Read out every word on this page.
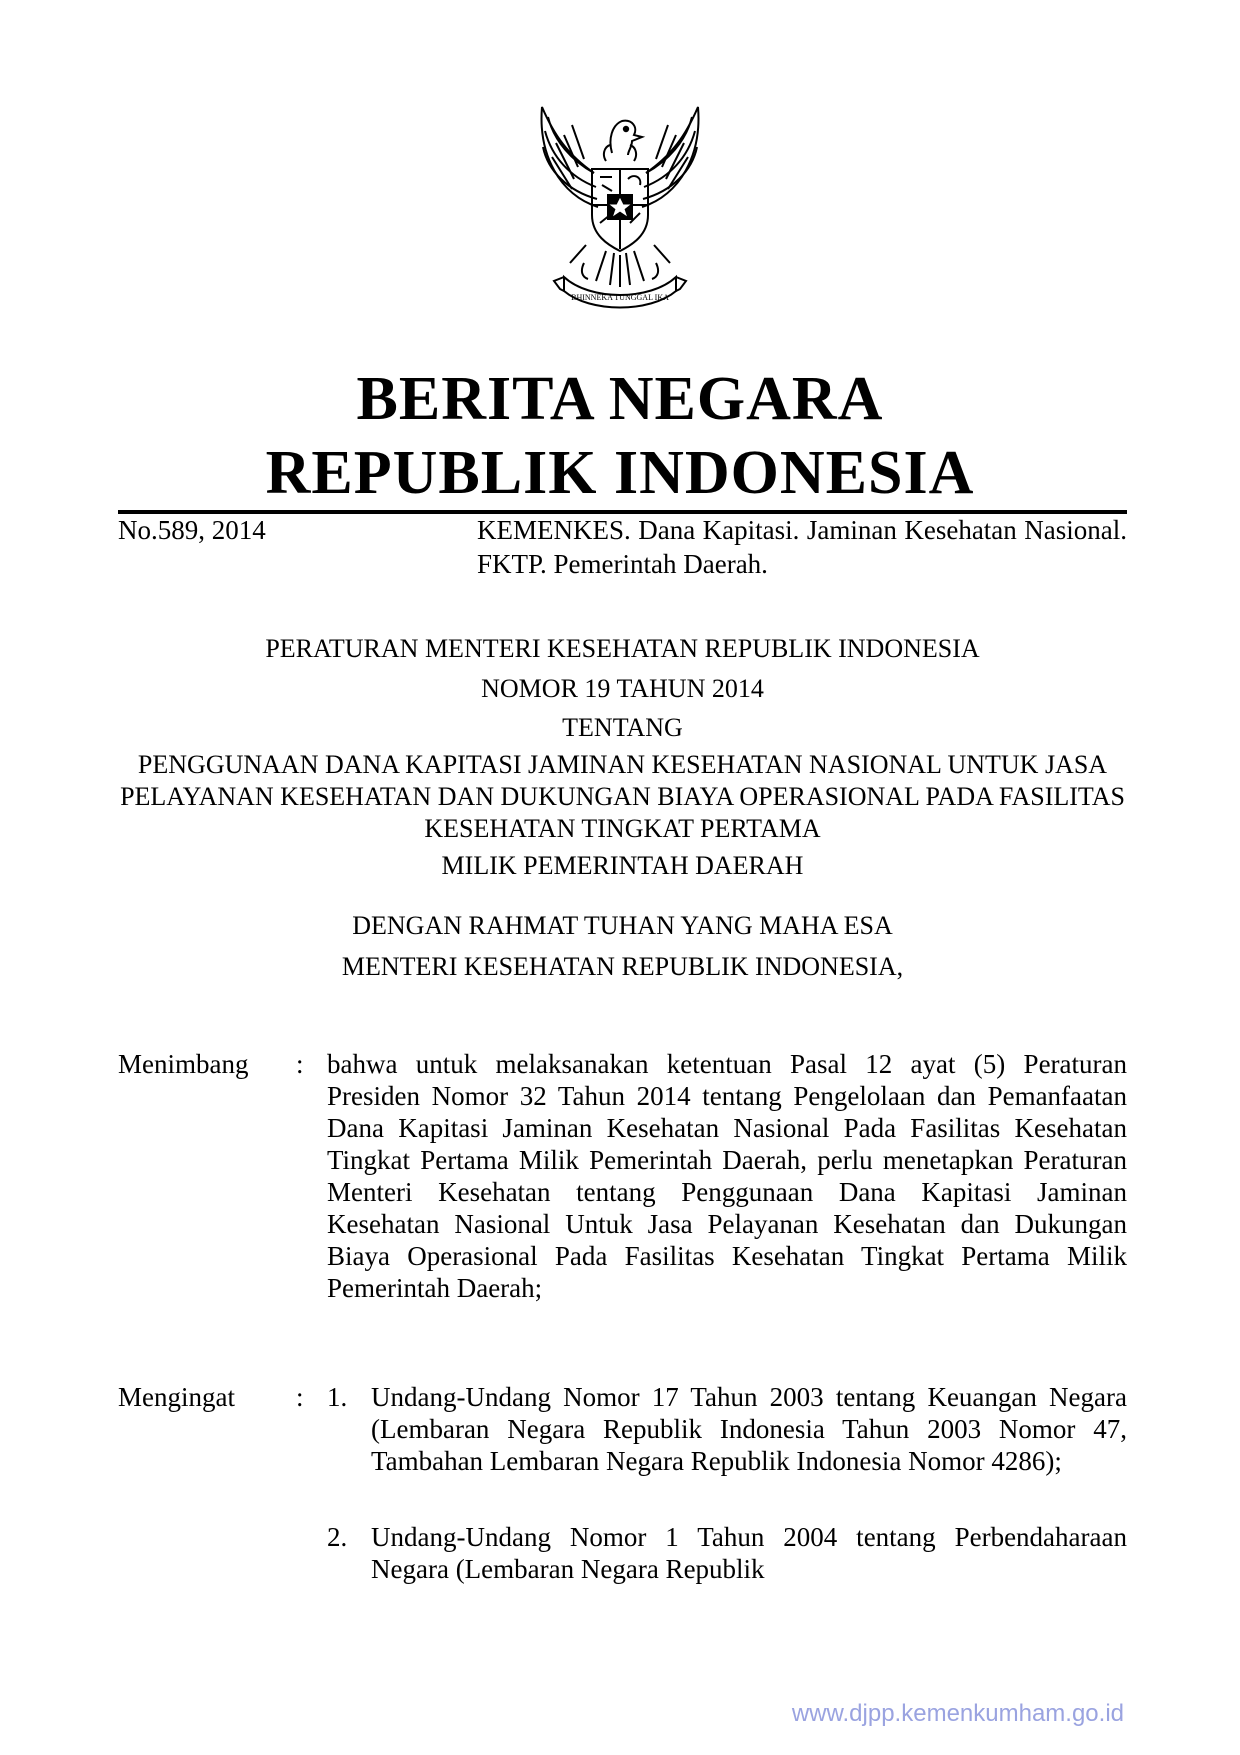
BHINNEKA TUNGGAL IKA
BERITA NEGARA
REPUBLIK INDONESIA
No.589, 2014	KEMENKES. Dana Kapitasi. Jaminan Kesehatan Nasional. FKTP. Pemerintah Daerah.
PERATURAN MENTERI KESEHATAN REPUBLIK INDONESIA
NOMOR 19 TAHUN 2014
TENTANG
PENGGUNAAN DANA KAPITASI JAMINAN KESEHATAN NASIONAL UNTUK JASA PELAYANAN KESEHATAN DAN DUKUNGAN BIAYA OPERASIONAL PADA FASILITAS KESEHATAN TINGKAT PERTAMA
MILIK PEMERINTAH DAERAH
DENGAN RAHMAT TUHAN YANG MAHA ESA
MENTERI KESEHATAN REPUBLIK INDONESIA,
Menimbang : bahwa untuk melaksanakan ketentuan Pasal 12 ayat (5) Peraturan Presiden Nomor 32 Tahun 2014 tentang Pengelolaan dan Pemanfaatan Dana Kapitasi Jaminan Kesehatan Nasional Pada Fasilitas Kesehatan Tingkat Pertama Milik Pemerintah Daerah, perlu menetapkan Peraturan Menteri Kesehatan tentang Penggunaan Dana Kapitasi Jaminan Kesehatan Nasional Untuk Jasa Pelayanan Kesehatan dan Dukungan Biaya Operasional Pada Fasilitas Kesehatan Tingkat Pertama Milik Pemerintah Daerah;
Mengingat : 1. Undang-Undang Nomor 17 Tahun 2003 tentang Keuangan Negara (Lembaran Negara Republik Indonesia Tahun 2003 Nomor 47, Tambahan Lembaran Negara Republik Indonesia Nomor 4286);
2. Undang-Undang Nomor 1 Tahun 2004 tentang Perbendaharaan Negara (Lembaran Negara Republik
www.djpp.kemenkumham.go.id
